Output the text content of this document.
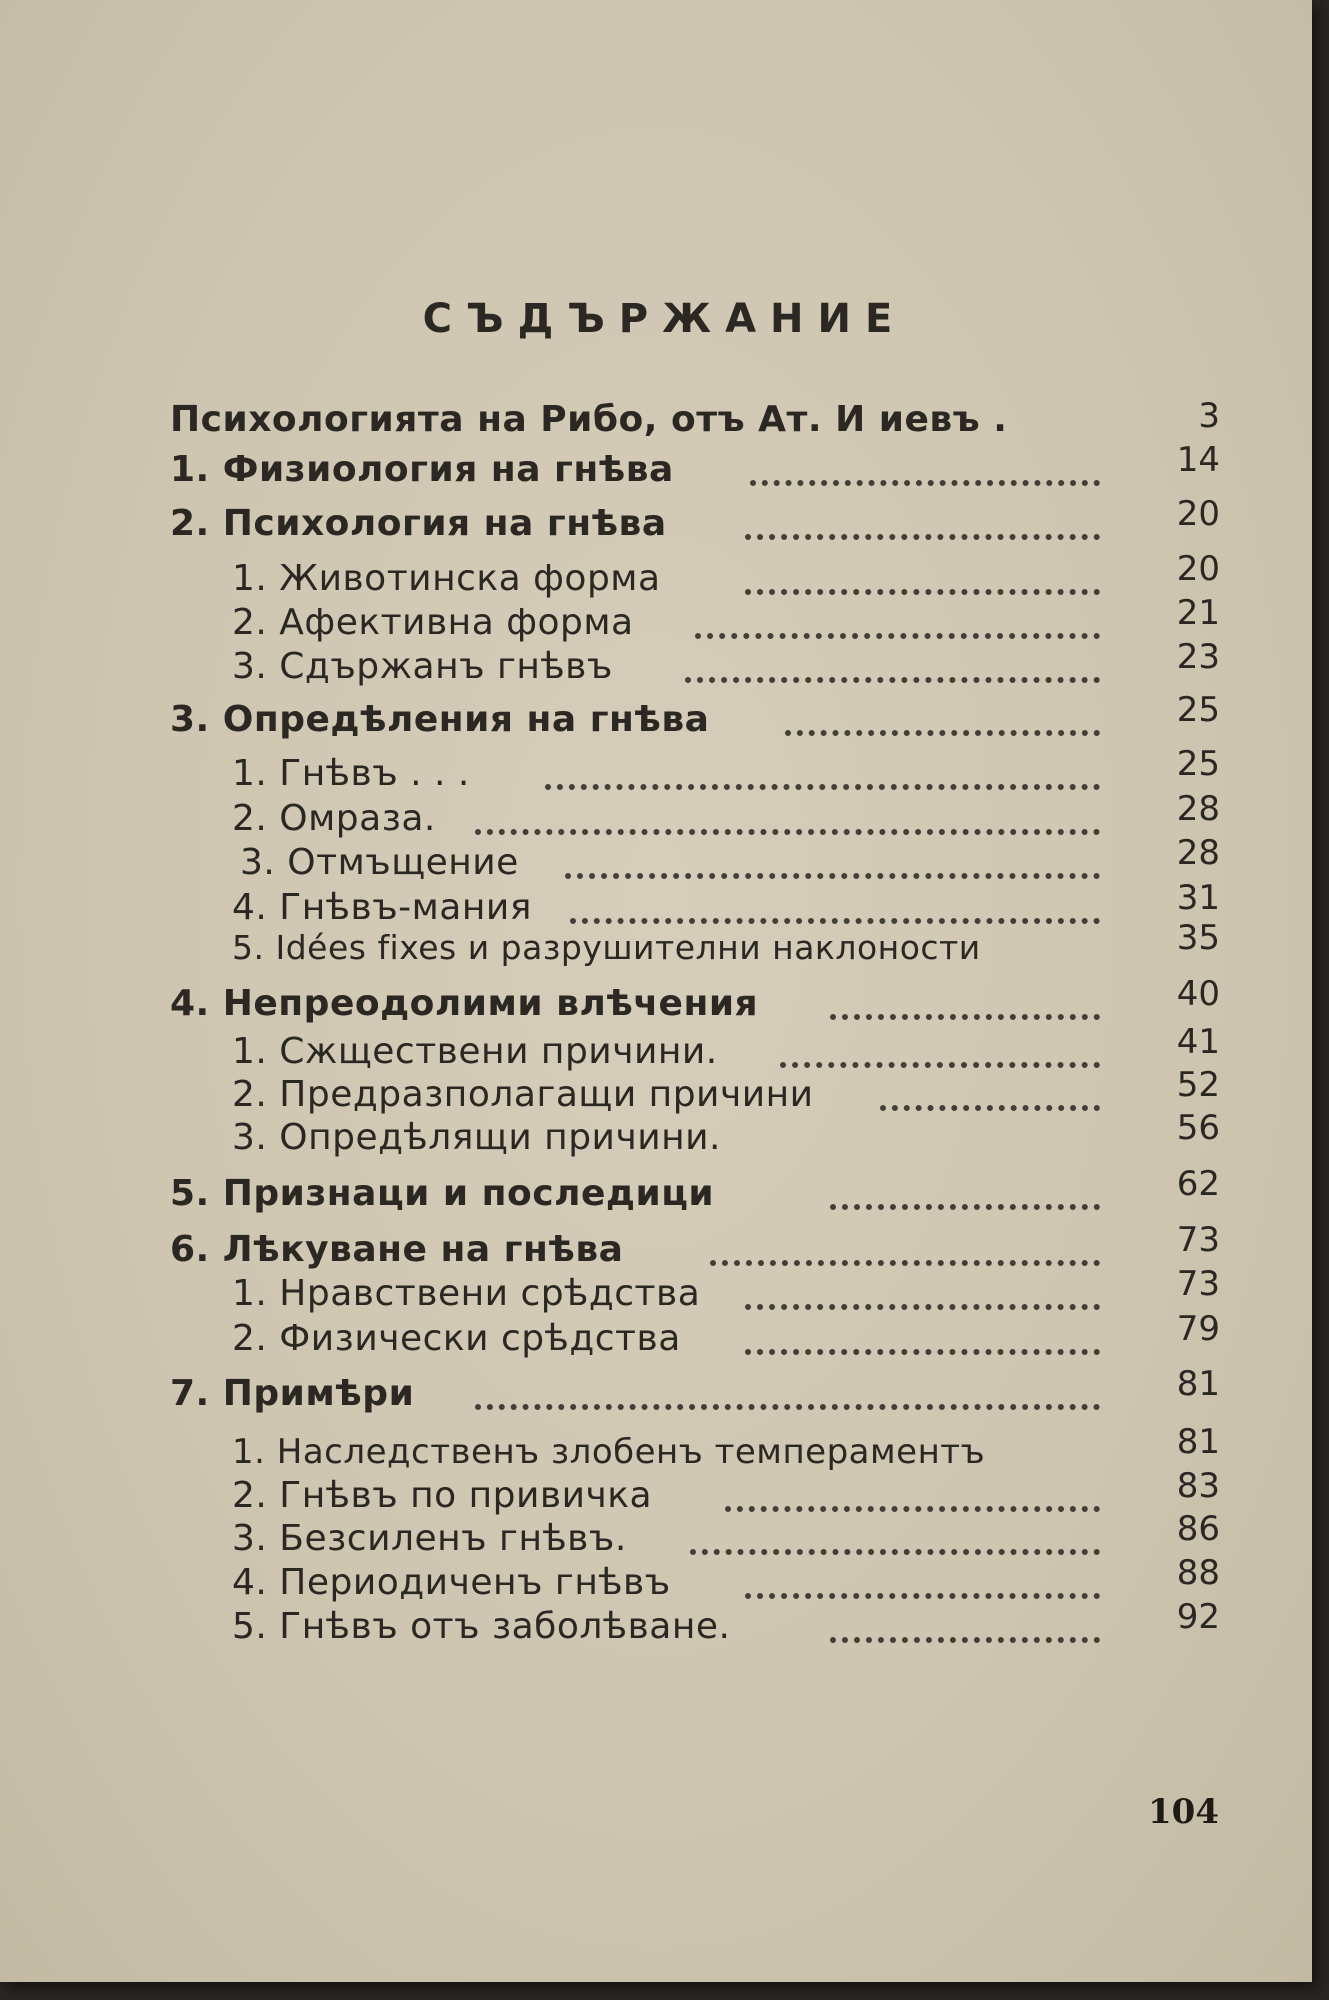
СЪДЪРЖАНИЕ
Психологията на Рибо, отъ Ат. И иевъ .	3
1. Физиология на гнѣва	14
2. Психология на гнѣва	20
1. Животинска форма	20
2. Афективна форма	21
3. Сдържанъ гнѣвъ	23
3. Опредѣления на гнѣва	25
1. Гнѣвъ . . .	25
2. Омраза.	28
3. Отмъщение	28
4. Гнѣвъ-мания	31
5. Idées fixes и разрушителни наклоности	35
4. Непреодолими влѣчения	40
1. Сжществени причини.	41
2. Предразполагащи причини	52
3. Опредѣлящи причини.	56
5. Признаци и последици	62
6. Лѣкуване на гнѣва	73
1. Нравствени срѣдства	73
2. Физически срѣдства	79
7. Примѣри	81
1. Наследственъ злобенъ темпераментъ	81
2. Гнѣвъ по привичка	83
3. Безсиленъ гнѣвъ.	86
4. Периодиченъ гнѣвъ	88
5. Гнѣвъ отъ заболѣване.	92
104
